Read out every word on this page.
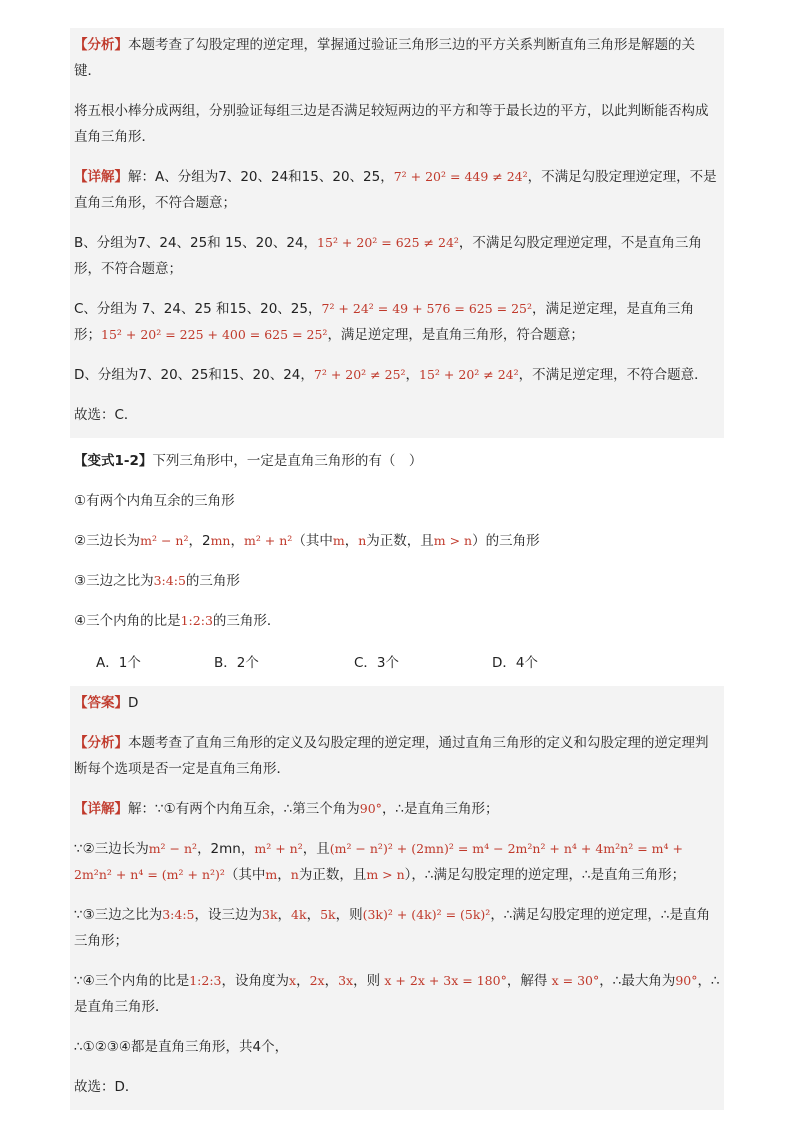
【分析】本题考查了勾股定理的逆定理，掌握通过验证三角形三边的平方关系判断直角三角形是解题的关键．

将五根小棒分成两组，分别验证每组三边是否满足较短两边的平方和等于最长边的平方，以此判断能否构成直角三角形．

【详解】解：A、分组为7、20、24和15、20、25，7² + 20² = 449 ≠ 24²，不满足勾股定理逆定理，不是直角三角形，不符合题意；

B、分组为7、24、25和 15、20、24，15² + 20² = 625 ≠ 24²，不满足勾股定理逆定理，不是直角三角形，不符合题意；

C、分组为 7、24、25 和15、20、25，7² + 24² = 49 + 576 = 625 = 25²，满足逆定理，是直角三角形；15² + 20² = 225 + 400 = 625 = 25²，满足逆定理，是直角三角形，符合题意；

D、分组为7、20、25和15、20、24，7² + 20² ≠ 25²，15² + 20² ≠ 24²，不满足逆定理，不符合题意．

故选：C．

【变式1-2】下列三角形中，一定是直角三角形的有（　）

①有两个内角互余的三角形

②三边长为m² − n²，2mn，m² + n²（其中m，n为正数，且m > n）的三角形

③三边之比为3:4:5的三角形

④三个内角的比是1:2:3的三角形．

A．1个	B．2个	C．3个	D．4个

【答案】D

【分析】本题考查了直角三角形的定义及勾股定理的逆定理，通过直角三角形的定义和勾股定理的逆定理判断每个选项是否一定是直角三角形．

【详解】解：∵①有两个内角互余，∴第三个角为90°，∴是直角三角形；

∵②三边长为m² − n²，2mn，m² + n²，且(m² − n²)² + (2mn)² = m⁴ − 2m²n² + n⁴ + 4m²n² = m⁴ + 2m²n² + n⁴ = (m² + n²)²（其中m，n为正数，且m > n），∴满足勾股定理的逆定理，∴是直角三角形；

∵③三边之比为3:4:5，设三边为3k，4k，5k，则(3k)² + (4k)² = (5k)²，∴满足勾股定理的逆定理，∴是直角三角形；

∵④三个内角的比是1:2:3，设角度为x，2x，3x，则 x + 2x + 3x = 180°，解得 x = 30°，∴最大角为90°，∴是直角三角形．

∴①②③④都是直角三角形，共4个，

故选：D．
